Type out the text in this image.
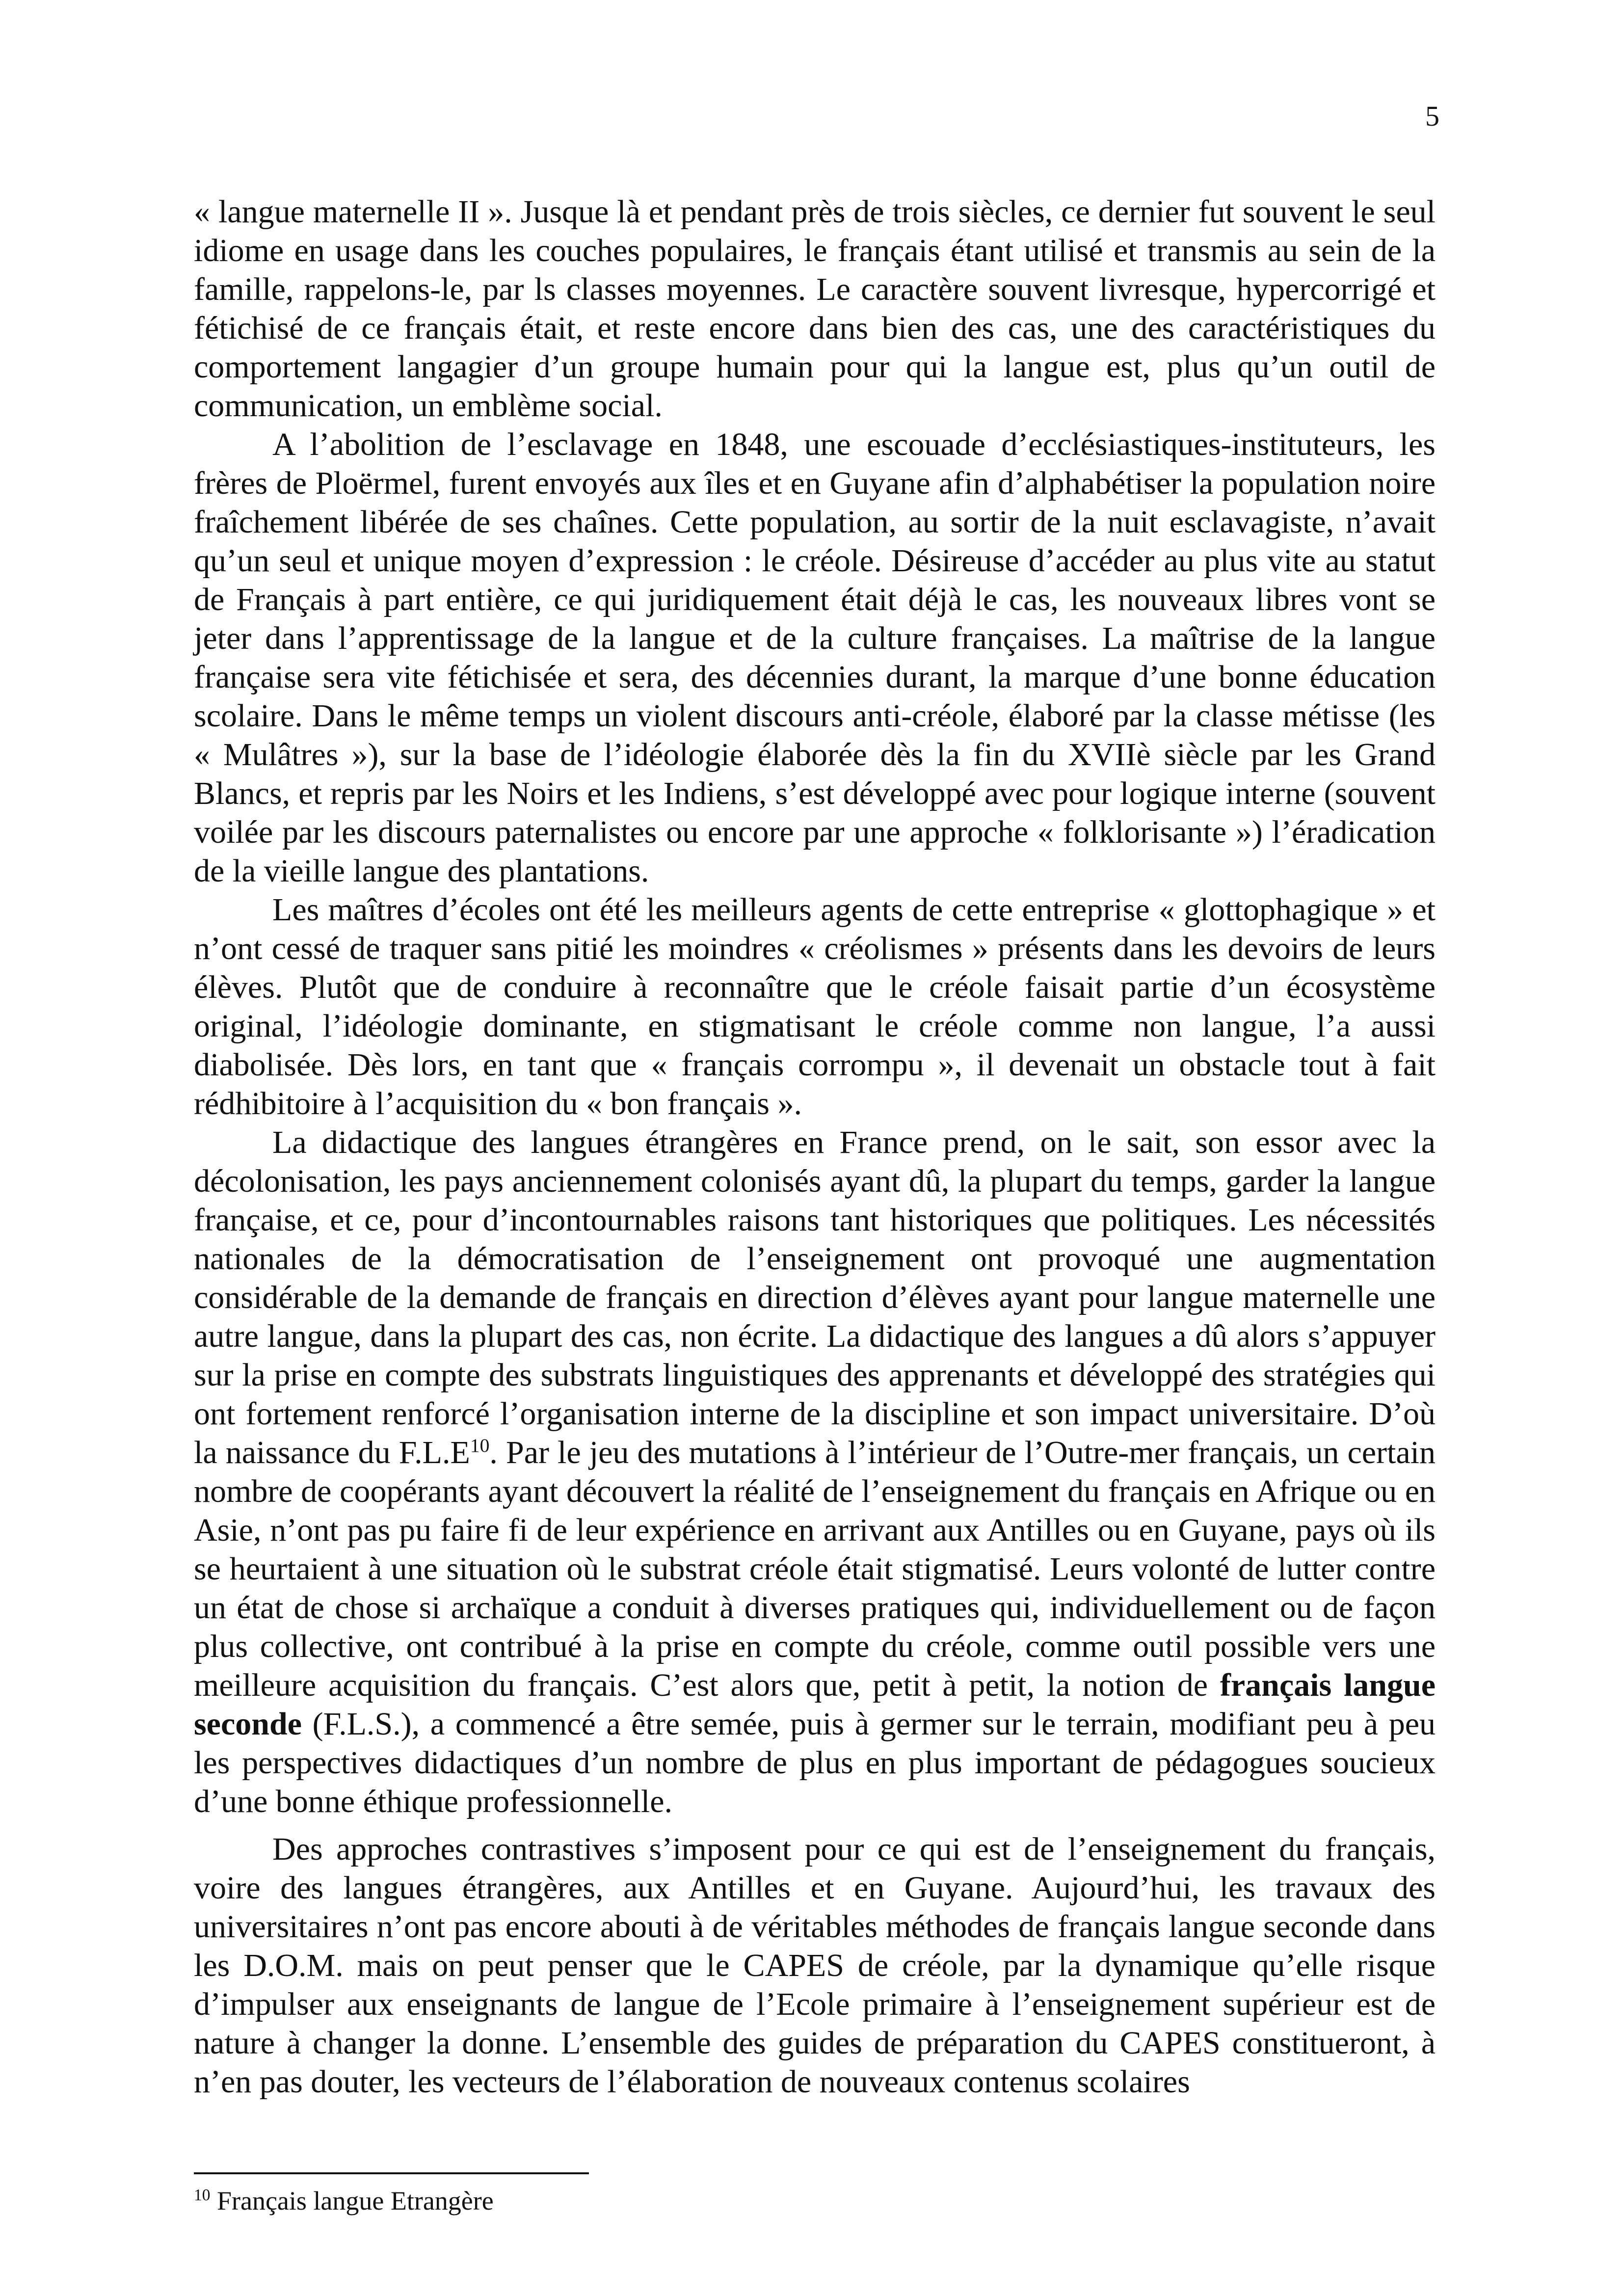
5

« langue maternelle II ». Jusque là et pendant près de trois siècles, ce dernier fut souvent le seul idiome en usage dans les couches populaires, le français étant utilisé et transmis au sein de la famille, rappelons-le, par ls classes moyennes. Le caractère souvent livresque, hypercorrigé et fétichisé de ce français était, et reste encore dans bien des cas, une des caractéristiques du comportement langagier d’un groupe humain pour qui la langue est, plus qu’un outil de communication, un emblème social.

A l’abolition de l’esclavage en 1848, une escouade d’ecclésiastiques-instituteurs, les frères de Ploërmel, furent envoyés aux îles et en Guyane afin d’alphabétiser la population noire fraîchement libérée de ses chaînes. Cette population, au sortir de la nuit esclavagiste, n’avait qu’un seul et unique moyen d’expression : le créole. Désireuse d’accéder au plus vite au statut de Français à part entière, ce qui juridiquement était déjà le cas, les nouveaux libres vont se jeter dans l’apprentissage de la langue et de la culture françaises. La maîtrise de la langue française sera vite fétichisée et sera, des décennies durant, la marque d’une bonne éducation scolaire. Dans le même temps un violent discours anti-créole, élaboré par la classe métisse (les « Mulâtres »), sur la base de l’idéologie élaborée dès la fin du XVIIè siècle par les Grand Blancs, et repris par les Noirs et les Indiens, s’est développé avec pour logique interne (souvent voilée par les discours paternalistes ou encore par une approche « folklorisante ») l’éradication de la vieille langue des plantations.

Les maîtres d’écoles ont été les meilleurs agents de cette entreprise « glottophagique » et n’ont cessé de traquer sans pitié les moindres « créolismes » présents dans les devoirs de leurs élèves. Plutôt que de conduire à reconnaître que le créole faisait partie d’un écosystème original, l’idéologie dominante, en stigmatisant le créole comme non langue, l’a aussi diabolisée. Dès lors, en tant que « français corrompu », il devenait un obstacle tout à fait rédhibitoire à l’acquisition du « bon français ».

La didactique des langues étrangères en France prend, on le sait, son essor avec la décolonisation, les pays anciennement colonisés ayant dû, la plupart du temps, garder la langue française, et ce, pour d’incontournables raisons tant historiques que politiques. Les nécessités nationales de la démocratisation de l’enseignement ont provoqué une augmentation considérable de la demande de français en direction d’élèves ayant pour langue maternelle une autre langue, dans la plupart des cas, non écrite. La didactique des langues a dû alors s’appuyer sur la prise en compte des substrats linguistiques des apprenants et développé des stratégies qui ont fortement renforcé l’organisation interne de la discipline et son impact universitaire. D’où la naissance du $F.L.E^{10}$. Par le jeu des mutations à l’intérieur de l’Outre-mer français, un certain nombre de coopérants ayant découvert la réalité de l’enseignement du français en Afrique ou en Asie, n’ont pas pu faire fi de leur expérience en arrivant aux Antilles ou en Guyane, pays où ils se heurtaient à une situation où le substrat créole était stigmatisé. Leurs volonté de lutter contre un état de chose si archaïque a conduit à diverses pratiques qui, individuellement ou de façon plus collective, ont contribué à la prise en compte du créole, comme outil possible vers une meilleure acquisition du français. C’est alors que, petit à petit, la notion de français langue seconde (F.L.S.), a commencé a être semée, puis à germer sur le terrain, modifiant peu à peu les perspectives didactiques d’un nombre de plus en plus important de pédagogues soucieux d’une bonne éthique professionnelle.

Des approches contrastives s’imposent pour ce qui est de l’enseignement du français, voire des langues étrangères, aux Antilles et en Guyane. Aujourd’hui, les travaux des universitaires n’ont pas encore abouti à de véritables méthodes de français langue seconde dans les D.O.M. mais on peut penser que le CAPES de créole, par la dynamique qu’elle risque d’impulser aux enseignants de langue de l’Ecole primaire à l’enseignement supérieur est de nature à changer la donne. L’ensemble des guides de préparation du CAPES constitueront, à n’en pas douter, les vecteurs de l’élaboration de nouveaux contenus scolaires

$^{10}$ Français langue Etrangère
